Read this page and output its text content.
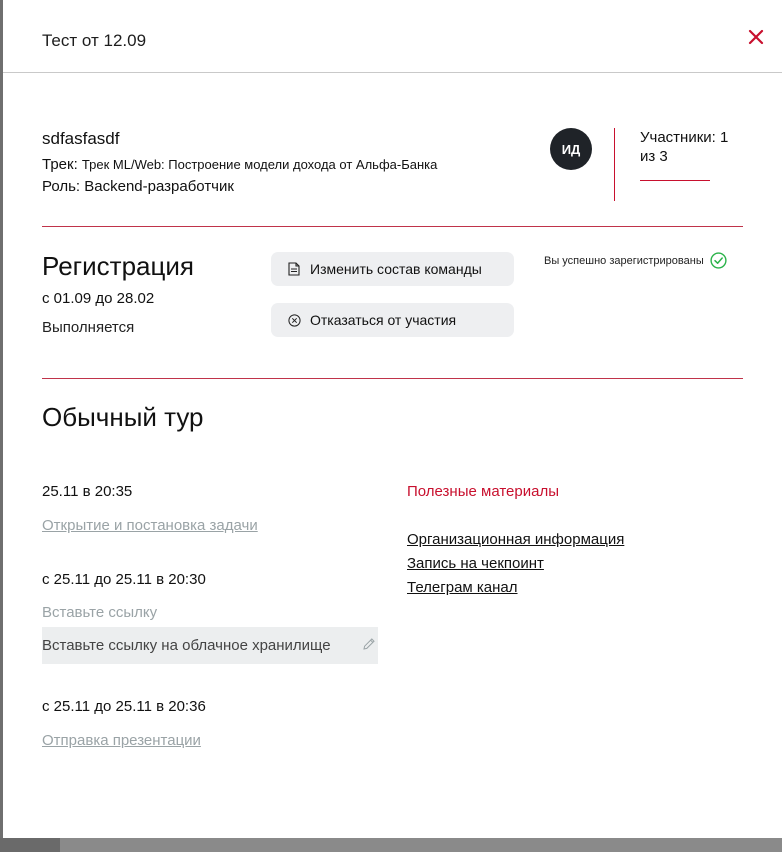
Тест от 12.09
sdfasfasdf
Трек: Трек ML/Web: Построение модели дохода от Альфа-Банка
Роль: Backend-разработчик
ИД
Участники: 1 из 3
Регистрация
с 01.09 до 28.02
Выполняется
Изменить состав команды
Отказаться от участия
Вы успешно зарегистрированы
Обычный тур
25.11 в 20:35
Открытие и постановка задачи
с 25.11 до 25.11 в 20:30
Вставьте ссылку
Вставьте ссылку на облачное хранилище
с 25.11 до 25.11 в 20:36
Отправка презентации
Полезные материалы
Организационная информация
Запись на чекпоинт
Телеграм канал
